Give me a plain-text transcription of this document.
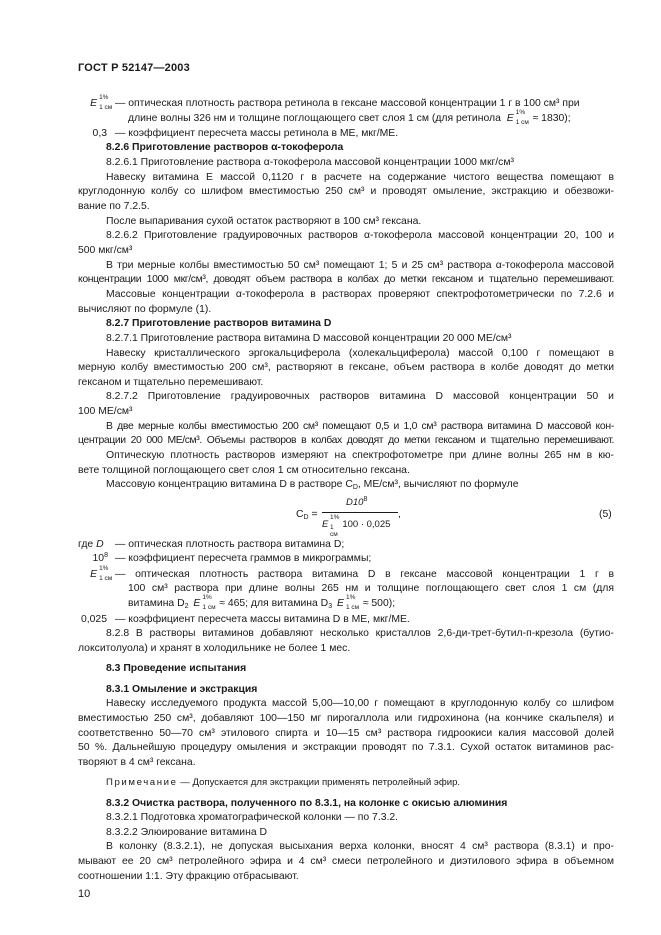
ГОСТ Р 52147—2003
E
1%
1 см — оптическая плотность раствора ретинола в гексане массовой концентрации 1 г в 100 см³ при
длине волны 326 нм и толщине поглощающего свет слоя 1 см (для ретинола E
1%
1 см ≈ 1830);
0,3 — коэффициент пересчета массы ретинола в МЕ, мкг/МЕ.
8.2.6 Приготовление растворов α-токоферола
8.2.6.1 Приготовление раствора α-токоферола массовой концентрации 1000 мкг/см³
Навеску витамина Е массой 0,1120 г в расчете на содержание чистого вещества помещают в
круглодонную колбу со шлифом вместимостью 250 см³ и проводят омыление, экстракцию и обезвожи-
вание по 7.2.5.
После выпаривания сухой остаток растворяют в 100 см³ гексана.
8.2.6.2 Приготовление градуировочных растворов α-токоферола массовой концентрации 20, 100 и
500 мкг/см³
В три мерные колбы вместимостью 50 см³ помещают 1; 5 и 25 см³ раствора α-токоферола массовой
концентрации 1000 мкг/см³, доводят объем раствора в колбах до метки гексаном и тщательно перемешивают.
Массовые концентрации α-токоферола в растворах проверяют спектрофотометрически по 7.2.6 и
вычисляют по формуле (1).
8.2.7 Приготовление растворов витамина D
8.2.7.1 Приготовление раствора витамина D массовой концентрации 20 000 МЕ/см³
Навеску кристаллического эргокальциферола (холекальциферола) массой 0,100 г помещают в
мерную колбу вместимостью 200 см³, растворяют в гексане, объем раствора в колбе доводят до метки
гексаном и тщательно перемешивают.
8.2.7.2 Приготовление градуировочных растворов витамина D массовой концентрации 50 и
100 МЕ/см³
В две мерные колбы вместимостью 200 см³ помещают 0,5 и 1,0 см³ раствора витамина D массовой кон-
центрации 20 000 МЕ/см³. Объемы растворов в колбах доводят до метки гексаном и тщательно перемешивают.
Оптическую плотность растворов измеряют на спектрофотометре при длине волны 265 нм в кю-
вете толщиной поглощающего свет слоя 1 см относительно гексана.
Массовую концентрацию витамина D в растворе $C_D$, МЕ/см³, вычисляют по формуле
$C_D$ =
$D10^8$
E
1%
1 см
100 · 0,025
,	(5)
где D — оптическая плотность раствора витамина D;
$10^8$ — коэффициент пересчета граммов в микрограммы;
E
1%
1 см — оптическая плотность раствора витамина D в гексане массовой концентрации 1 г в
100 см³ раствора при длине волны 265 нм и толщине поглощающего свет слоя 1 см (для
витамина $D_2$ E
1%
1 см ≈ 465; для витамина $D_3$ E
1%
1 см ≈ 500);
0,025 — коэффициент пересчета массы витамина D в МЕ, мкг/МЕ.
8.2.8 В растворы витаминов добавляют несколько кристаллов 2,6-ди-трет-бутил-п-крезола (бутио-
локситолуола) и хранят в холодильнике не более 1 мес.
8.3 Проведение испытания
8.3.1 Омыление и экстракция
Навеску исследуемого продукта массой 5,00—10,00 г помещают в круглодонную колбу со шлифом
вместимостью 250 см³, добавляют 100—150 мг пирогаллола или гидрохинона (на кончике скальпеля) и
соответственно 50—70 см³ этилового спирта и 10—15 см³ раствора гидроокиси калия массовой долей
50 %. Дальнейшую процедуру омыления и экстракции проводят по 7.3.1. Сухой остаток витаминов рас-
творяют в 4 см³ гексана.
Примечание — Допускается для экстракции применять петролейный эфир.
8.3.2 Очистка раствора, полученного по 8.3.1, на колонке с окисью алюминия
8.3.2.1 Подготовка хроматографической колонки — по 7.3.2.
8.3.2.2 Элюирование витамина D
В колонку (8.3.2.1), не допуская высыхания верха колонки, вносят 4 см³ раствора (8.3.1) и про-
мывают ее 20 см³ петролейного эфира и 4 см³ смеси петролейного и диэтилового эфира в объемном
соотношении 1:1. Эту фракцию отбрасывают.
10
